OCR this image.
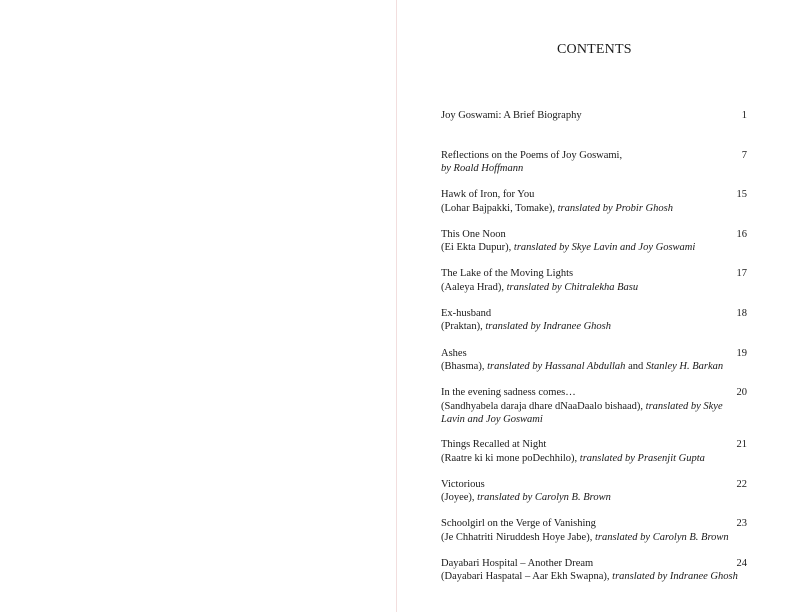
CONTENTS
Joy Goswami: A Brief Biography	1
Reflections on the Poems of Joy Goswami,
by Roald Hoffmann
7
Hawk of Iron, for You
(Lohar Bajpakki, Tomake), translated by Probir Ghosh
15
This One Noon
(Ei Ekta Dupur), translated by Skye Lavin and Joy Goswami
16
The Lake of the Moving Lights
(Aaleya Hrad), translated by Chitralekha Basu
17
Ex-husband
(Praktan), translated by Indranee Ghosh
18
Ashes
(Bhasma), translated by Hassanal Abdullah and Stanley H. Barkan
19
In the evening sadness comes…
(Sandhyabela daraja dhare dNaaDaalo bishaad), translated by Skye Lavin and Joy Goswami
20
Things Recalled at Night
(Raatre ki ki mone poDechhilo), translated by Prasenjit Gupta
21
Victorious
(Joyee), translated by Carolyn B. Brown
22
Schoolgirl on the Verge of Vanishing
(Je Chhatriti Niruddesh Hoye Jabe), translated by Carolyn B. Brown
23
Dayabari Hospital – Another Dream
(Dayabari Haspatal – Aar Ekh Swapna), translated by Indranee Ghosh
24
